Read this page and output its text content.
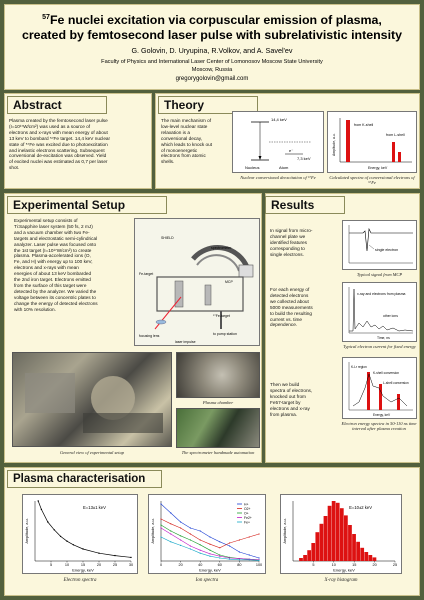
$^{57}$Fe nuclei excitation via corpuscular emission of plasma,
created by femtosecond laser pulse with subrelativistic intensity
G. Golovin, D. Uryupina, R.Volkov, and A. Savel'ev
Faculty of Physics and International Laser Center of Lomonosov Moscow State University
Moscow, Russia
gregorygolovin@gmail.com
Abstract
Plasma created by the femtosecond laser pulse
(I=10¹⁷W/cm²) was used as a source of
electrons and x-rays with mean energy of about
13 keV to bombard ⁵⁷Fe target. 14,4 keV nuclear
state of ⁵⁷Fe was excited due to photoexcitation
and inelastic electrons scattering. Subsequent
conversional de-excitation was observed. Yield
of excited nuclei was estimated as 0,7 per laser
shot.
Theory
The main mechanism of
low-level nuclear state
relaxation is a
conversional decay,
which leads to knock out
of monoenergetic
electrons from atomic
shells.
14,4 keV
e⁻
7,3 keV
Nucleus	Atom
from K-shell
from L-shell
Energy, keV
Amplitude, a.u.
Nuclear conversional deexcitation of ⁵⁷Fe	Calculated spectra of conversional electrons of ⁵⁷Fe
Experimental Setup
Experimental setup consists of
Ti:Sapphire laser system (50 fs, 2 mJ)
and a vacuum chamber with two Fe-
targets and electrostatic semi-cylindrical
analyzer. Laser pulse was focused onto
the 1st target (I=10¹⁷W/cm²) to create
plasma. Plasma-accelerated ions (O,
Fe, and H) with energy up to 100 keV,
electrons and x-rays with mean
energies of about 13 keV bombarded
the 2nd iron target. Electrons emitted
from the surface of this target were
detected by the analyzer. We varied the
voltage between its concentric plates to
change the energy of detected electrons
with 10% resolution.
SHIELD
spectrometer
MCP
Fe-target
⁵⁷Fe-target
to pump station
focusing lens
laser impulse
General view of experimental setup
Plasma chamber
The spectrometer handmade automation
Results
In signal from micro-
channel plate we
identified features
corresponding to
single electrons.
single electron
Typical signal from MCP
For each energy of
detected electrons
we collected about
5000 measurements
to build the resulting
current vs. time
dependence.
x-ray and electrons from plasma
other ions
Time, ns
Typical electron current for fixed energy
Then we build
spectra of electrons,
knocked out from
Fe57-target by
electrons and x-ray
from plasma.
K-Lr region
K-shell conversion
L-shell conversion
Energy, keV
Electron energy spectra in 50-110 ns time interval after plasma creation
Plasma characterisation
5	10	15	20	25	30
Energy, keV
Amplitude, a.u.
E=13±1 keV
Electron spectra
0	20	40	60	80	100
Energy, keV
Amplitude, a.u.
H+
O2+
O+
Fe2+
Fe+
Ion spectra
5	10	15	20	25
Energy, keV
Amplitude, a.u.
E=10±2 keV
X-ray histogram
